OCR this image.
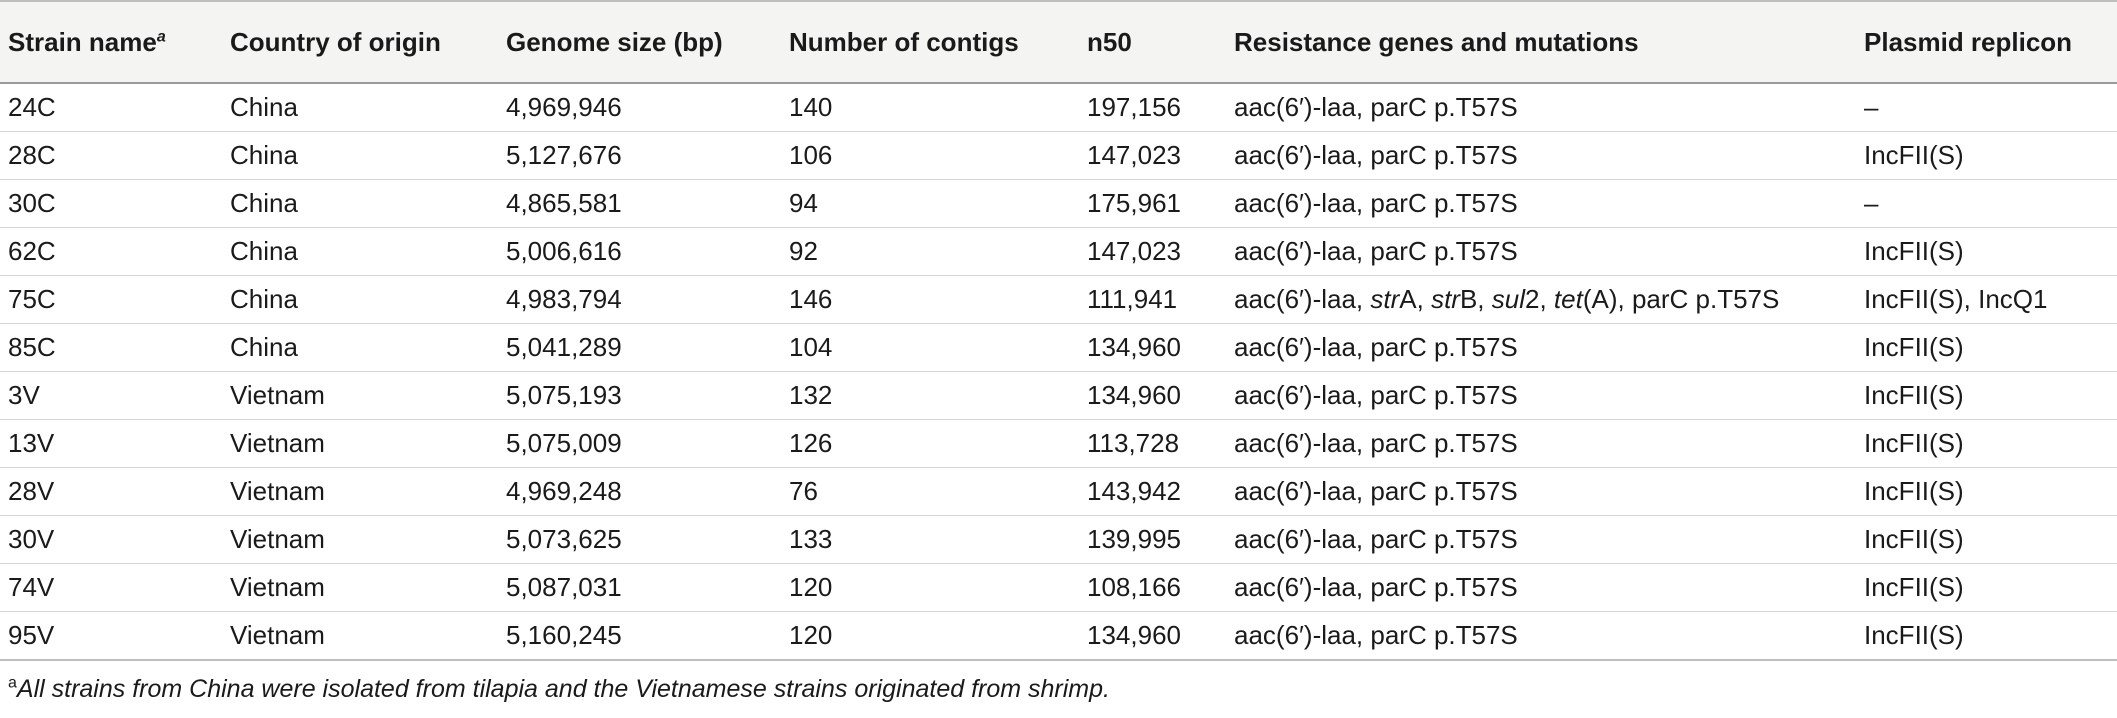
Strain name$^a$	Country of origin	Genome size (bp)	Number of contigs	n50	Resistance genes and mutations	Plasmid replicon
24C	China	4,969,946	140	197,156	aac(6′)-laa, parC p.T57S	–
28C	China	5,127,676	106	147,023	aac(6′)-laa, parC p.T57S	IncFII(S)
30C	China	4,865,581	94	175,961	aac(6′)-laa, parC p.T57S	–
62C	China	5,006,616	92	147,023	aac(6′)-laa, parC p.T57S	IncFII(S)
75C	China	4,983,794	146	111,941	aac(6′)-laa, strA, strB, sul2, tet(A), parC p.T57S	IncFII(S), IncQ1
85C	China	5,041,289	104	134,960	aac(6′)-laa, parC p.T57S	IncFII(S)
3V	Vietnam	5,075,193	132	134,960	aac(6′)-laa, parC p.T57S	IncFII(S)
13V	Vietnam	5,075,009	126	113,728	aac(6′)-laa, parC p.T57S	IncFII(S)
28V	Vietnam	4,969,248	76	143,942	aac(6′)-laa, parC p.T57S	IncFII(S)
30V	Vietnam	5,073,625	133	139,995	aac(6′)-laa, parC p.T57S	IncFII(S)
74V	Vietnam	5,087,031	120	108,166	aac(6′)-laa, parC p.T57S	IncFII(S)
95V	Vietnam	5,160,245	120	134,960	aac(6′)-laa, parC p.T57S	IncFII(S)
$^a$All strains from China were isolated from tilapia and the Vietnamese strains originated from shrimp.
